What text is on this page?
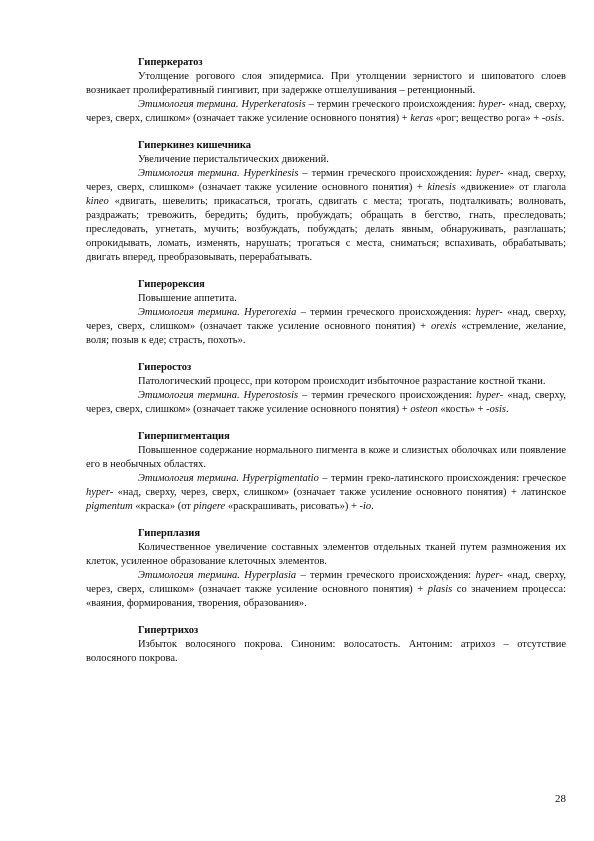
Гиперкератоз

Утолщение рогового слоя эпидермиса. При утолщении зернистого и шиповатого слоев возникает пролиферативный гингивит, при задержке отшелушивания – ретенционный.

Этимология термина. Hyperkeratosis – термин греческого происхождения: hyper- «над, сверху, через, сверх, слишком» (означает также усиление основного понятия) + keras «рог; вещество рога» + -osis.

Гиперкинез кишечника

Увеличение перистальтических движений.

Этимология термина. Hyperkinesis – термин греческого происхождения: hyper- «над, сверху, через, сверх, слишком» (означает также усиление основного понятия) + kinesis «движение» от глагола kineo «двигать, шевелить; прикасаться, трогать, сдвигать с места; трогать, подталкивать; волновать, раздражать; тревожить, бередить; будить, пробуждать; обращать в бегство, гнать, преследовать; преследовать, угнетать, мучить; возбуждать, побуждать; делать явным, обнаруживать, разглашать; опрокидывать, ломать, изменять, нарушать; трогаться с места, сниматься; вспахивать, обрабатывать; двигать вперед, преобразовывать, перерабатывать.

Гиперорексия

Повышение аппетита.

Этимология термина. Hyperorexia – термин греческого происхождения: hyper- «над, сверху, через, сверх, слишком» (означает также усиление основного понятия) + orexis «стремление, желание, воля; позыв к еде; страсть, похоть».

Гиперостоз

Патологический процесс, при котором происходит избыточное разрастание костной ткани.

Этимология термина. Hyperostosis – термин греческого происхождения: hyper- «над, сверху, через, сверх, слишком» (означает также усиление основного понятия) + osteon «кость» + -osis.

Гиперпигментация

Повышенное содержание нормального пигмента в коже и слизистых оболочках или появление его в необычных областях.

Этимология термина. Hyperpigmentatio – термин греко-латинского происхождения: греческое hyper- «над, сверху, через, сверх, слишком» (означает также усиление основного понятия) + латинское pigmentum «краска» (от pingere «раскрашивать, рисовать») + -io.

Гиперплазия

Количественное увеличение составных элементов отдельных тканей путем размножения их клеток, усиленное образование клеточных элементов.

Этимология термина. Hyperplasia – термин греческого происхождения: hyper- «над, сверху, через, сверх, слишком» (означает также усиление основного понятия) + plasis со значением процесса: «ваяния, формирования, творения, образования».

Гипертрихоз

Избыток волосяного покрова. Синоним: волосатость. Антоним: атрихоз – отсутствие волосяного покрова.

28
